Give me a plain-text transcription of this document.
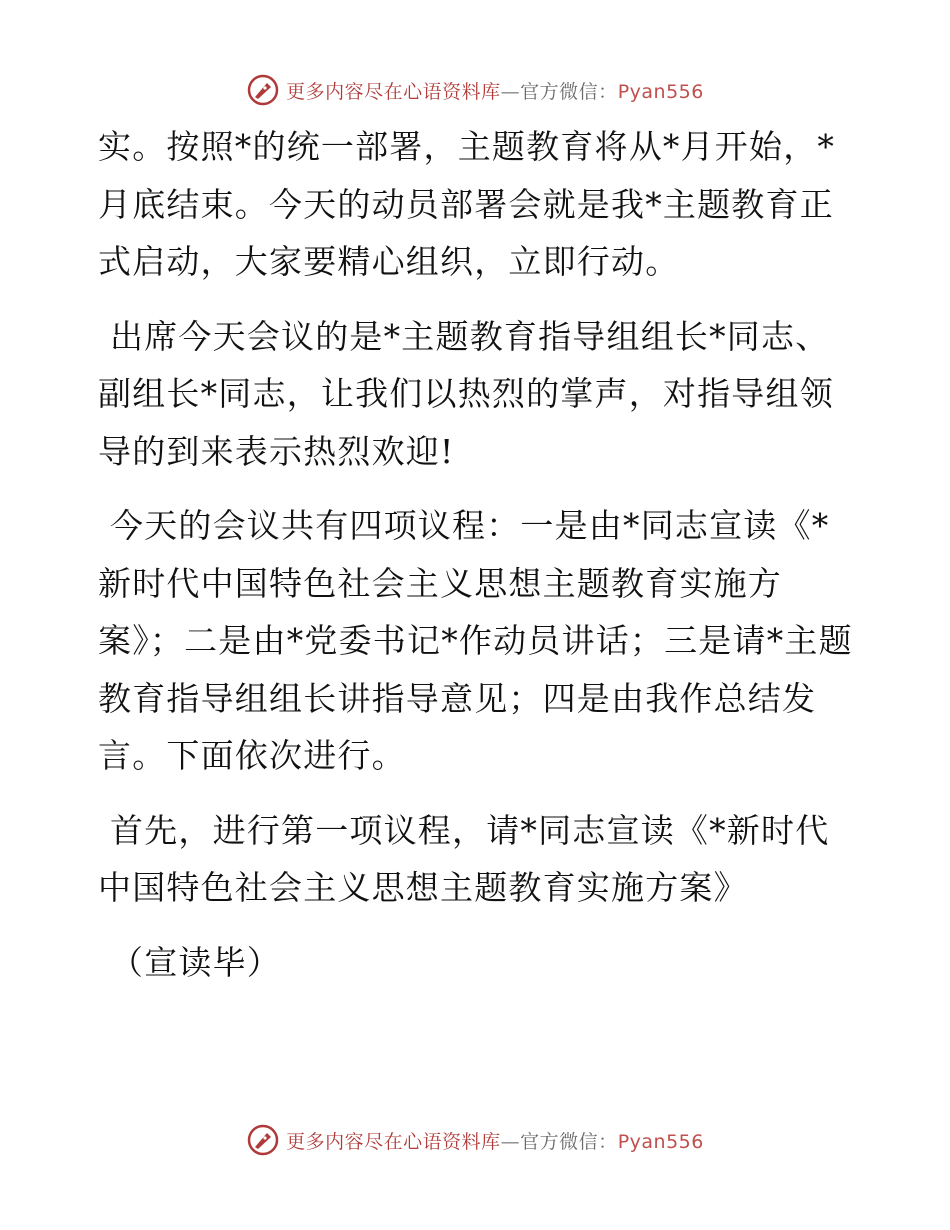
更多内容尽在心语资料库—官方微信：Pyan556

实。按照*的统一部署，主题教育将从*月开始，*月底结束。今天的动员部署会就是我*主题教育正式启动，大家要精心组织，立即行动。

出席今天会议的是*主题教育指导组组长*同志、副组长*同志，让我们以热烈的掌声，对指导组领导的到来表示热烈欢迎!

今天的会议共有四项议程：一是由*同志宣读《*新时代中国特色社会主义思想主题教育实施方案》；二是由*党委书记*作动员讲话；三是请*主题教育指导组组长讲指导意见；四是由我作总结发言。下面依次进行。

首先，进行第一项议程，请*同志宣读《*新时代中国特色社会主义思想主题教育实施方案》

（宣读毕）

更多内容尽在心语资料库—官方微信：Pyan556
